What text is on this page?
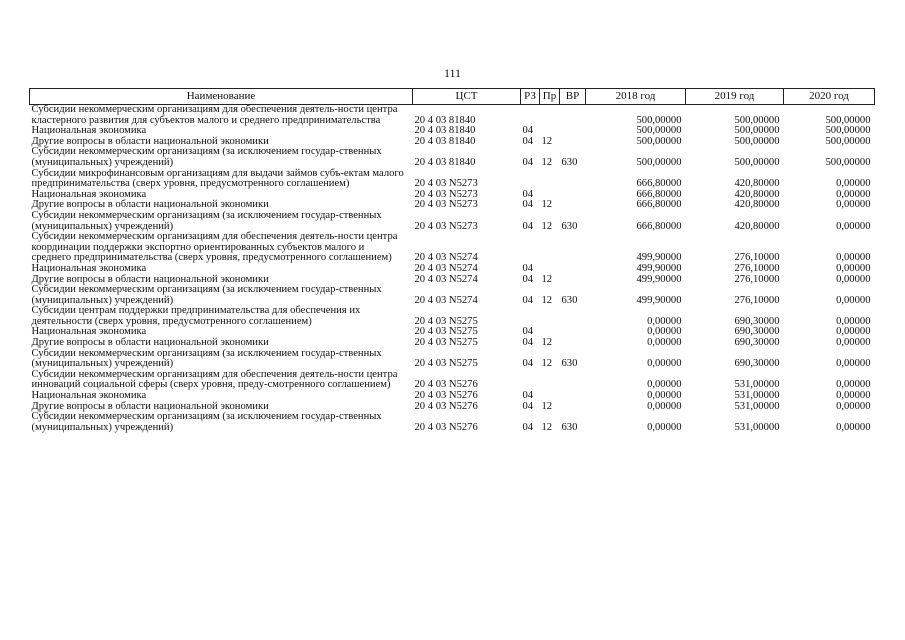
111
Наименование	ЦСТ	РЗ	Пр	ВР	2018 год	2019 год	2020 год
Субсидии некоммерческим организациям для обеспечения деятель-ности центра кластерного развития для субъектов малого и среднего предпринимательства	20 4 03 81840				500,00000	500,00000	500,00000
Национальная экономика	20 4 03 81840	04			500,00000	500,00000	500,00000
Другие вопросы в области национальной экономики	20 4 03 81840	04	12		500,00000	500,00000	500,00000
Субсидии некоммерческим организациям (за исключением государ-ственных (муниципальных) учреждений)	20 4 03 81840	04	12	630	500,00000	500,00000	500,00000
Субсидии микрофинансовым организациям для выдачи займов субъ-ектам малого предпринимательства (сверх уровня, предусмотренного соглашением)	20 4 03 N5273				666,80000	420,80000	0,00000
Национальная экономика	20 4 03 N5273	04			666,80000	420,80000	0,00000
Другие вопросы в области национальной экономики	20 4 03 N5273	04	12		666,80000	420,80000	0,00000
Субсидии некоммерческим организациям (за исключением государ-ственных (муниципальных) учреждений)	20 4 03 N5273	04	12	630	666,80000	420,80000	0,00000
Субсидии некоммерческим организациям для обеспечения деятель-ности центра координации поддержки экспортно ориентированных субъектов малого и среднего предпринимательства (сверх уровня, предусмотренного соглашением)	20 4 03 N5274				499,90000	276,10000	0,00000
Национальная экономика	20 4 03 N5274	04			499,90000	276,10000	0,00000
Другие вопросы в области национальной экономики	20 4 03 N5274	04	12		499,90000	276,10000	0,00000
Субсидии некоммерческим организациям (за исключением государ-ственных (муниципальных) учреждений)	20 4 03 N5274	04	12	630	499,90000	276,10000	0,00000
Субсидии центрам поддержки предпринимательства для обеспечения их деятельности (сверх уровня, предусмотренного соглашением)	20 4 03 N5275				0,00000	690,30000	0,00000
Национальная экономика	20 4 03 N5275	04			0,00000	690,30000	0,00000
Другие вопросы в области национальной экономики	20 4 03 N5275	04	12		0,00000	690,30000	0,00000
Субсидии некоммерческим организациям (за исключением государ-ственных (муниципальных) учреждений)	20 4 03 N5275	04	12	630	0,00000	690,30000	0,00000
Субсидии некоммерческим организациям для обеспечения деятель-ности центра инноваций социальной сферы (сверх уровня, преду-смотренного соглашением)	20 4 03 N5276				0,00000	531,00000	0,00000
Национальная экономика	20 4 03 N5276	04			0,00000	531,00000	0,00000
Другие вопросы в области национальной экономики	20 4 03 N5276	04	12		0,00000	531,00000	0,00000
Субсидии некоммерческим организациям (за исключением государ-ственных (муниципальных) учреждений)	20 4 03 N5276	04	12	630	0,00000	531,00000	0,00000
